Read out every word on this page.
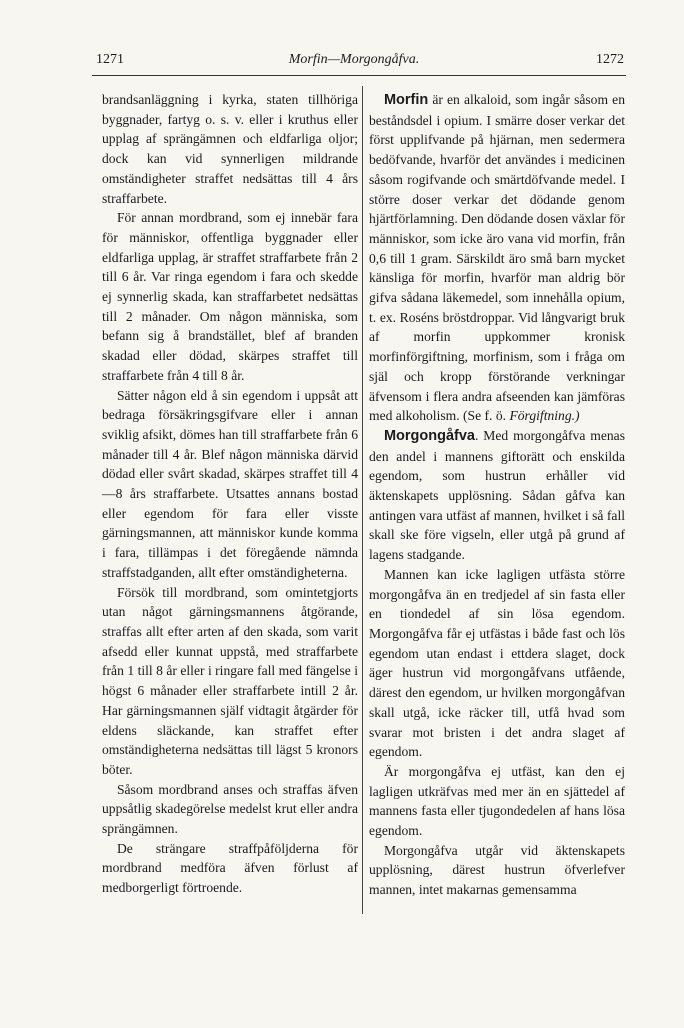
1271	Morfin—Morgongåfva.	1272

brandsanläggning i kyrka, staten tillhöriga byggnader, fartyg o. s. v. eller i kruthus eller upplag af sprängämnen och eldfarliga oljor; dock kan vid synnerligen mildrande omständigheter straffet nedsättas till 4 års straffarbete.

För annan mordbrand, som ej innebär fara för människor, offentliga byggnader eller eldfarliga upplag, är straffet straffarbete från 2 till 6 år. Var ringa egendom i fara och skedde ej synnerlig skada, kan straffarbetet nedsättas till 2 månader. Om någon människa, som befann sig å brandstället, blef af branden skadad eller dödad, skärpes straffet till straffarbete från 4 till 8 år.

Sätter någon eld å sin egendom i uppsåt att bedraga försäkringsgifvare eller i annan sviklig afsikt, dömes han till straffarbete från 6 månader till 4 år. Blef någon människa därvid dödad eller svårt skadad, skärpes straffet till 4—8 års straffarbete. Utsattes annans bostad eller egendom för fara eller visste gärningsmannen, att människor kunde komma i fara, tillämpas i det föregående nämnda straffstadganden, allt efter omständigheterna.

Försök till mordbrand, som omintetgjorts utan något gärningsmannens åtgörande, straffas allt efter arten af den skada, som varit afsedd eller kunnat uppstå, med straffarbete från 1 till 8 år eller i ringare fall med fängelse i högst 6 månader eller straffarbete intill 2 år. Har gärningsmannen själf vidtagit åtgärder för eldens släckande, kan straffet efter omständigheterna nedsättas till lägst 5 kronors böter.

Såsom mordbrand anses och straffas äfven uppsåtlig skadegörelse medelst krut eller andra sprängämnen.

De strängare straffpåföljderna för mordbrand medföra äfven förlust af medborgerligt förtroende.

Morfin är en alkaloid, som ingår såsom en beståndsdel i opium. I smärre doser verkar det först upplifvande på hjärnan, men sedermera bedöfvande, hvarför det användes i medicinen såsom rogifvande och smärtdöfvande medel. I större doser verkar det dödande genom hjärtförlamning. Den dödande dosen växlar för människor, som icke äro vana vid morfin, från 0,6 till 1 gram. Särskildt äro små barn mycket känsliga för morfin, hvarför man aldrig bör gifva sådana läkemedel, som innehålla opium, t. ex. Roséns bröstdroppar. Vid långvarigt bruk af morfin uppkommer kronisk morfinförgiftning, morfinism, som i fråga om själ och kropp förstörande verkningar äfvensom i flera andra afseenden kan jämföras med alkoholism. (Se f. ö. Förgiftning.)

Morgongåfva. Med morgongåfva menas den andel i mannens giftorätt och enskilda egendom, som hustrun erhåller vid äktenskapets upplösning. Sådan gåfva kan antingen vara utfäst af mannen, hvilket i så fall skall ske före vigseln, eller utgå på grund af lagens stadgande.

Mannen kan icke lagligen utfästa större morgongåfva än en tredjedel af sin fasta eller en tiondedel af sin lösa egendom. Morgongåfva får ej utfästas i både fast och lös egendom utan endast i ettdera slaget, dock äger hustrun vid morgongåfvans utfående, därest den egendom, ur hvilken morgongåfvan skall utgå, icke räcker till, utfå hvad som svarar mot bristen i det andra slaget af egendom.

Är morgongåfva ej utfäst, kan den ej lagligen utkräfvas med mer än en sjättedel af mannens fasta eller tjugondedelen af hans lösa egendom.

Morgongåfva utgår vid äktenskapets upplösning, därest hustrun öfverlefver mannen, intet makarnas gemensamma
